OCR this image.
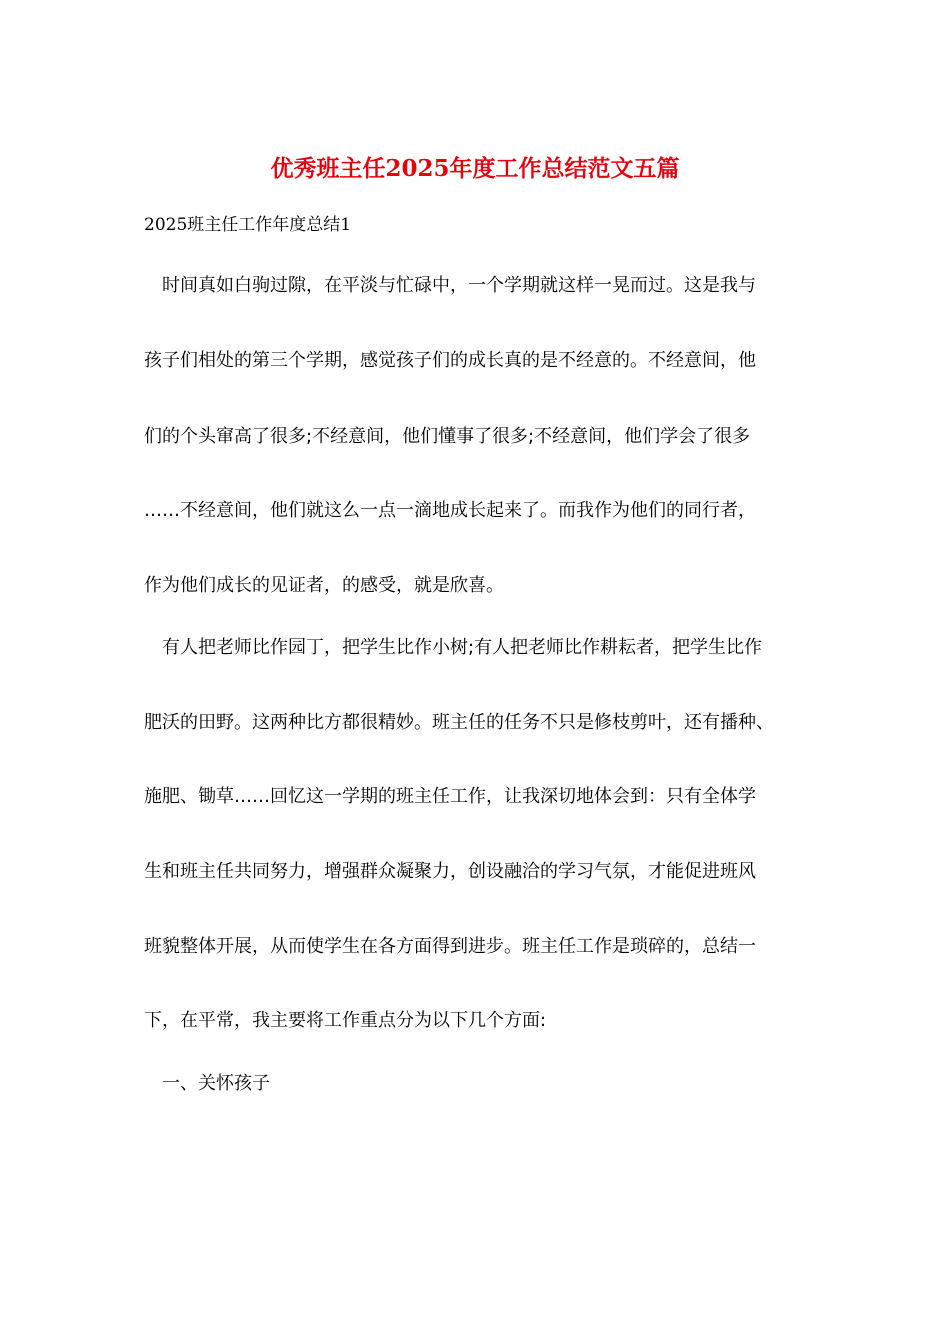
优秀班主任2025年度工作总结范文五篇
2025班主任工作年度总结1
时间真如白驹过隙，在平淡与忙碌中，一个学期就这样一晃而过。这是我与
孩子们相处的第三个学期，感觉孩子们的成长真的是不经意的。不经意间，他
们的个头窜高了很多;不经意间，他们懂事了很多;不经意间，他们学会了很多
……不经意间，他们就这么一点一滴地成长起来了。而我作为他们的同行者，
作为他们成长的见证者，的感受，就是欣喜。
有人把老师比作园丁，把学生比作小树;有人把老师比作耕耘者，把学生比作
肥沃的田野。这两种比方都很精妙。班主任的任务不只是修枝剪叶，还有播种、
施肥、锄草……回忆这一学期的班主任工作，让我深切地体会到：只有全体学
生和班主任共同努力，增强群众凝聚力，创设融洽的学习气氛，才能促进班风
班貌整体开展，从而使学生在各方面得到进步。班主任工作是琐碎的，总结一
下，在平常，我主要将工作重点分为以下几个方面:
一、关怀孩子
